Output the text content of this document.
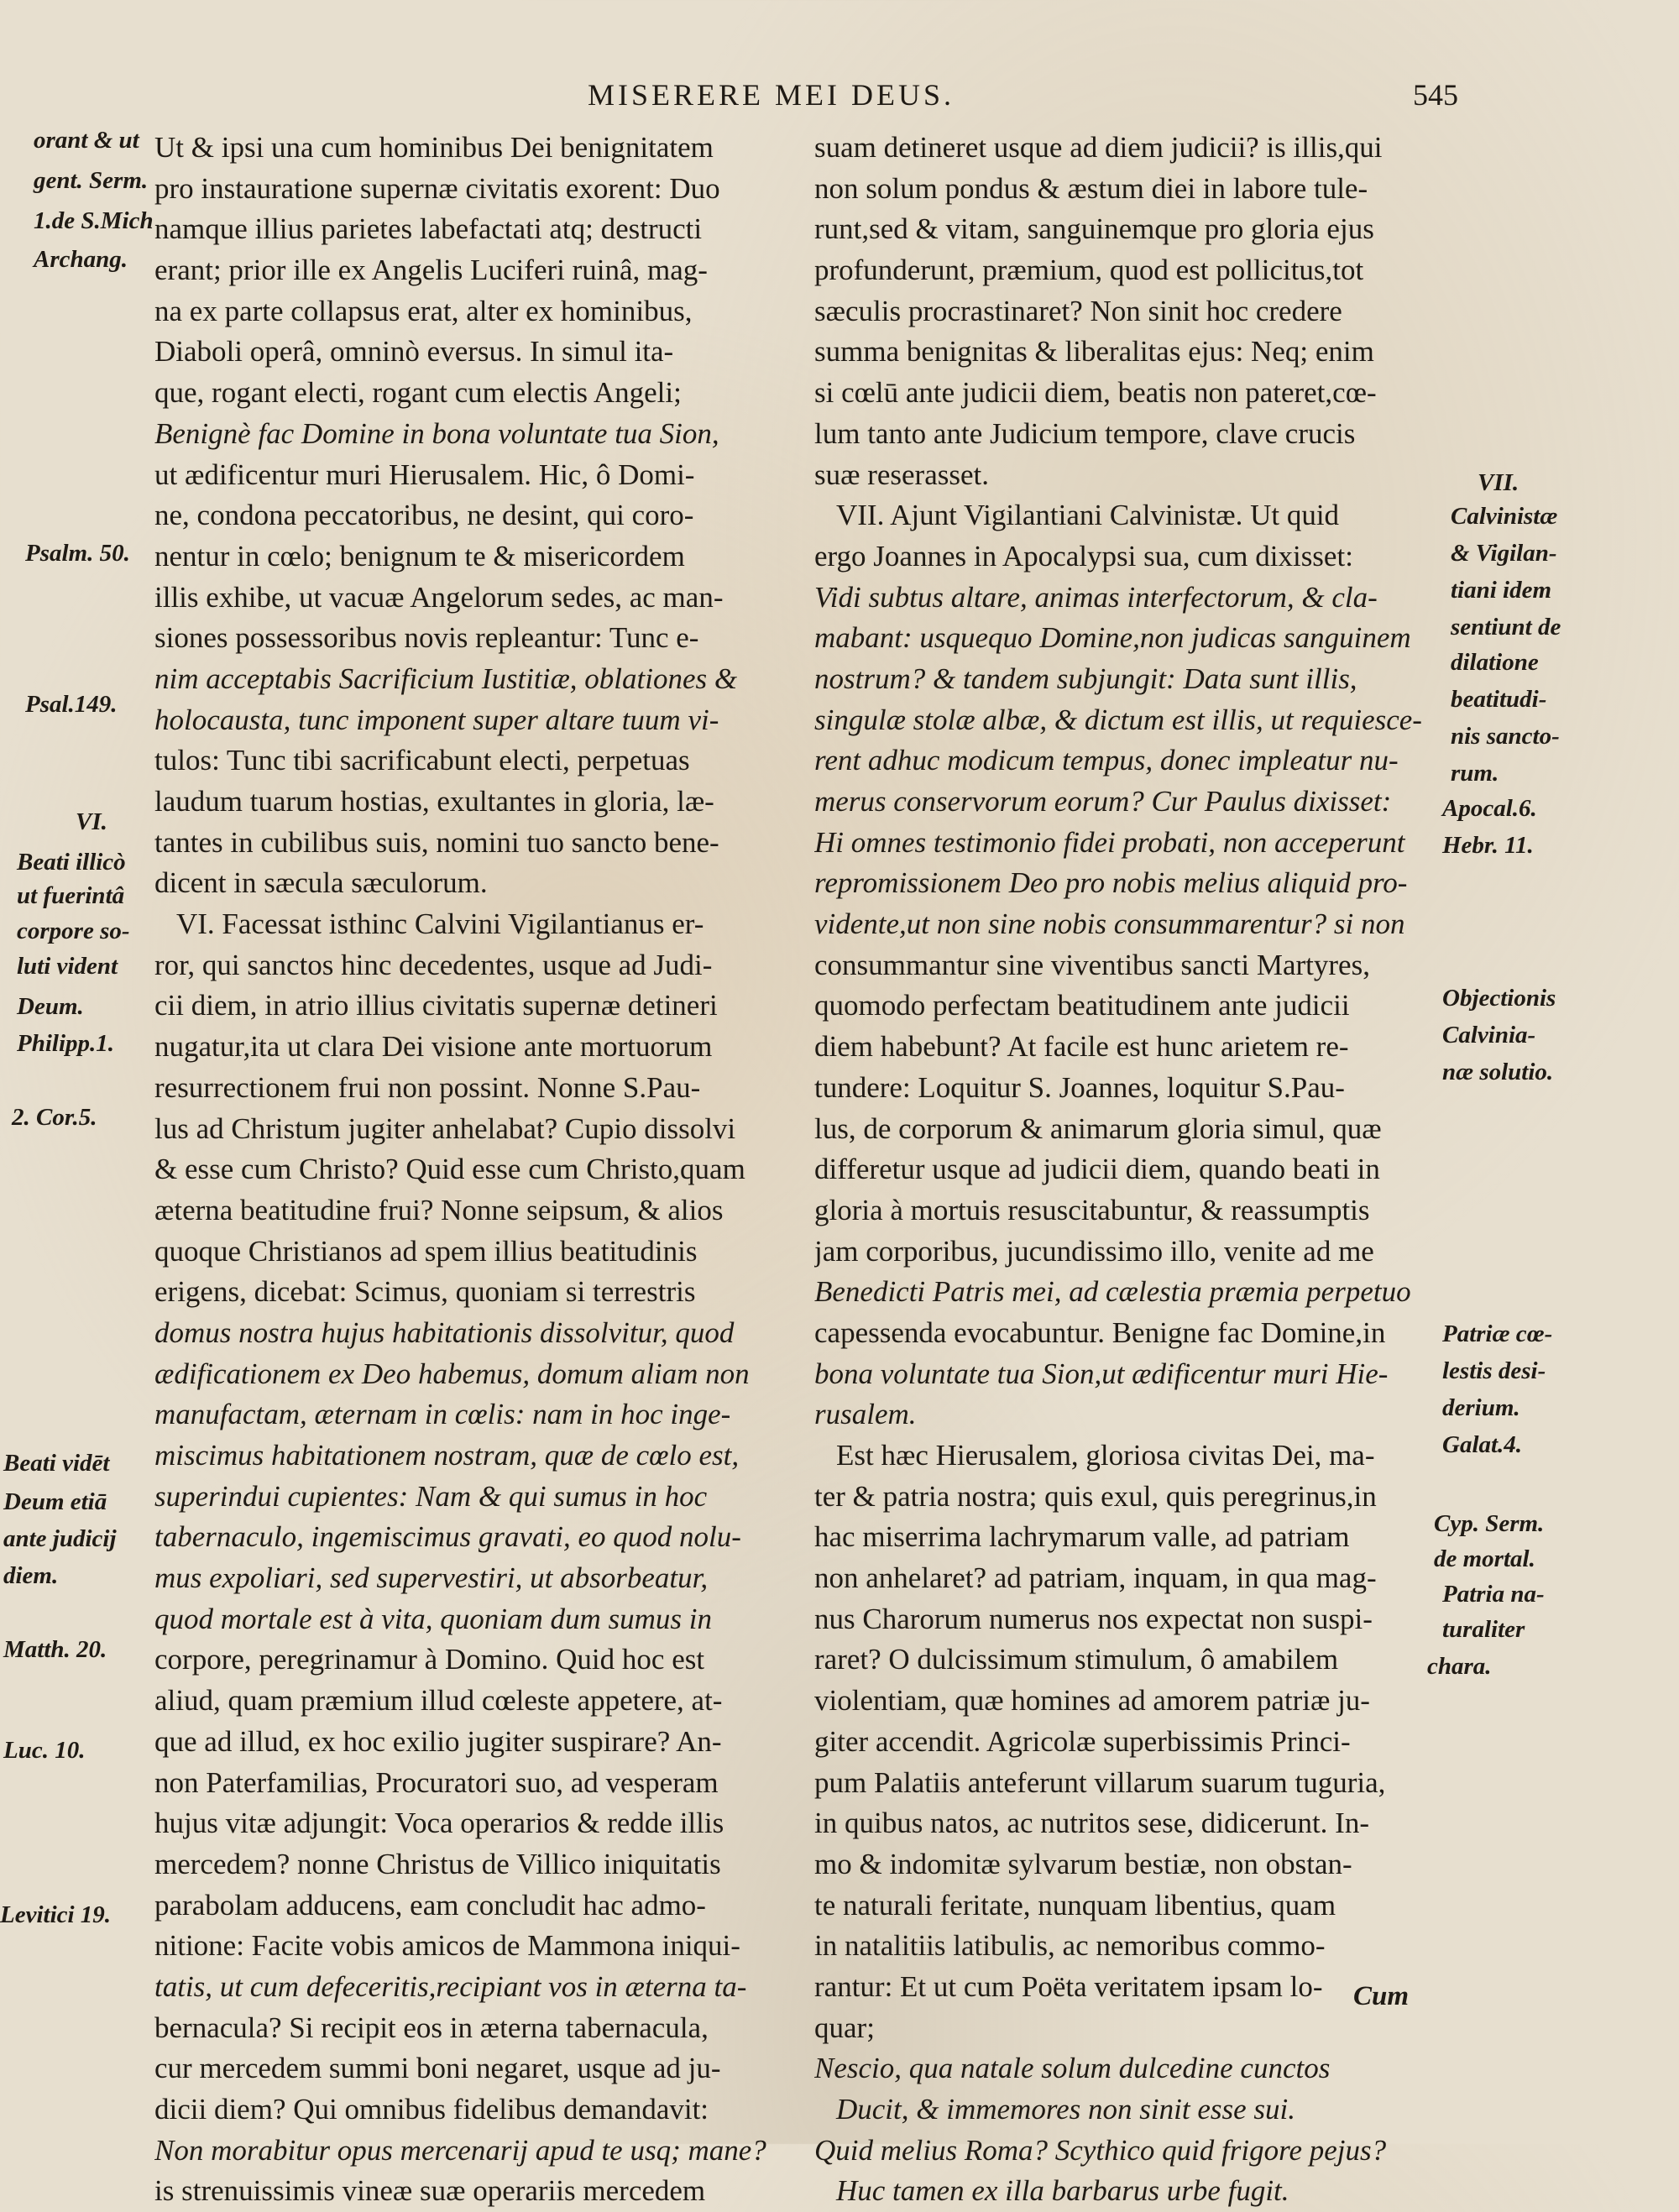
MISERERE MEI DEUS.	545
Ut & ipsi una cum hominibus Dei benignitatem
pro instauratione supernæ civitatis exorent: Duo
namque illius parietes labefactati atq; destructi
erant; prior ille ex Angelis Luciferi ruinâ, mag-
na ex parte collapsus erat, alter ex hominibus,
Diaboli operâ, omninò eversus. In simul ita-
que, rogant electi, rogant cum electis Angeli;
Benignè fac Domine in bona voluntate tua Sion,
ut ædificentur muri Hierusalem. Hic, ô Domi-
ne, condona peccatoribus, ne desint, qui coro-
nentur in cœlo; benignum te & misericordem
illis exhibe, ut vacuæ Angelorum sedes, ac man-
siones possessoribus novis repleantur: Tunc e-
nim acceptabis Sacrificium Iustitiæ, oblationes &
holocausta, tunc imponent super altare tuum vi-
tulos: Tunc tibi sacrificabunt electi, perpetuas
laudum tuarum hostias, exultantes in gloria, læ-
tantes in cubilibus suis, nomini tuo sancto bene-
dicent in sæcula sæculorum.
VI. Facessat isthinc Calvini Vigilantianus er-
ror, qui sanctos hinc decedentes, usque ad Judi-
cii diem, in atrio illius civitatis supernæ detineri
nugatur,ita ut clara Dei visione ante mortuorum
resurrectionem frui non possint. Nonne S.Pau-
lus ad Christum jugiter anhelabat? Cupio dissolvi
& esse cum Christo? Quid esse cum Christo,quam
æterna beatitudine frui? Nonne seipsum, & alios
quoque Christianos ad spem illius beatitudinis
erigens, dicebat: Scimus, quoniam si terrestris
domus nostra hujus habitationis dissolvitur, quod
ædificationem ex Deo habemus, domum aliam non
manufactam, æternam in cœlis: nam in hoc inge-
miscimus habitationem nostram, quæ de cœlo est,
superindui cupientes: Nam & qui sumus in hoc
tabernaculo, ingemiscimus gravati, eo quod nolu-
mus expoliari, sed supervestiri, ut absorbeatur,
quod mortale est à vita, quoniam dum sumus in
corpore, peregrinamur à Domino. Quid hoc est
aliud, quam præmium illud cœleste appetere, at-
que ad illud, ex hoc exilio jugiter suspirare? An-
non Paterfamilias, Procuratori suo, ad vesperam
hujus vitæ adjungit: Voca operarios & redde illis
mercedem? nonne Christus de Villico iniquitatis
parabolam adducens, eam concludit hac admo-
nitione: Facite vobis amicos de Mammona iniqui-
tatis, ut cum defeceritis,recipiant vos in æterna ta-
bernacula? Si recipit eos in æterna tabernacula,
cur mercedem summi boni negaret, usque ad ju-
dicii diem? Qui omnibus fidelibus demandavit:
Non morabitur opus mercenarij apud te usq; mane?
is strenuissimis vineæ suæ operariis mercedem
suam detineret usque ad diem judicii? is illis,qui
non solum pondus & æstum diei in labore tule-
runt,sed & vitam, sanguinemque pro gloria ejus
profunderunt, præmium, quod est pollicitus,tot
sæculis procrastinaret? Non sinit hoc credere
summa benignitas & liberalitas ejus: Neq; enim
si cœlū ante judicii diem, beatis non pateret,cœ-
lum tanto ante Judicium tempore, clave crucis
suæ reserasset.
VII. Ajunt Vigilantiani Calvinistæ. Ut quid
ergo Joannes in Apocalypsi sua, cum dixisset:
Vidi subtus altare, animas interfectorum, & cla-
mabant: usquequo Domine,non judicas sanguinem
nostrum? & tandem subjungit: Data sunt illis,
singulæ stolæ albæ, & dictum est illis, ut requiesce-
rent adhuc modicum tempus, donec impleatur nu-
merus conservorum eorum? Cur Paulus dixisset:
Hi omnes testimonio fidei probati, non acceperunt
repromissionem Deo pro nobis melius aliquid pro-
vidente,ut non sine nobis consummarentur? si non
consummantur sine viventibus sancti Martyres,
quomodo perfectam beatitudinem ante judicii
diem habebunt? At facile est hunc arietem re-
tundere: Loquitur S. Joannes, loquitur S.Pau-
lus, de corporum & animarum gloria simul, quæ
differetur usque ad judicii diem, quando beati in
gloria à mortuis resuscitabuntur, & reassumptis
jam corporibus, jucundissimo illo, venite ad me
Benedicti Patris mei, ad cælestia præmia perpetuo
capessenda evocabuntur. Benigne fac Domine,in
bona voluntate tua Sion,ut ædificentur muri Hie-
rusalem.
Est hæc Hierusalem, gloriosa civitas Dei, ma-
ter & patria nostra; quis exul, quis peregrinus,in
hac miserrima lachrymarum valle, ad patriam
non anhelaret? ad patriam, inquam, in qua mag-
nus Charorum numerus nos expectat non suspi-
raret? O dulcissimum stimulum, ô amabilem
violentiam, quæ homines ad amorem patriæ ju-
giter accendit. Agricolæ superbissimis Princi-
pum Palatiis anteferunt villarum suarum tuguria,
in quibus natos, ac nutritos sese, didicerunt. In-
mo & indomitæ sylvarum bestiæ, non obstan-
te naturali feritate, nunquam libentius, quam
in natalitiis latibulis, ac nemoribus commo-
rantur: Et ut cum Poëta veritatem ipsam lo-
quar;
Nescio, qua natale solum dulcedine cunctos
Ducit, & immemores non sinit esse sui.
Quid melius Roma? Scythico quid frigore pejus?
Huc tamen ex illa barbarus urbe fugit.
orant & ut
gent. Serm.
1.de S.Mich
Archang.
Psalm. 50.
Psal.149.
VI.
Beati illicò
ut fuerintâ
corpore so-
luti vident
Deum.
Philipp.1.
2. Cor.5.
Beati vidēt
Deum etiā
ante judicij
diem.
Matth. 20.
Luc. 10.
Levitici 19.
VII.
Calvinistæ
& Vigilan-
tiani idem
sentiunt de
dilatione
beatitudi-
nis sancto-
rum.
Apocal.6.
Hebr. 11.
Objectionis
Calvinia-
næ solutio.
Patriæ cœ-
lestis desi-
derium.
Galat.4.
Cyp. Serm.
de mortal.
Patria na-
turaliter
chara.
Cum
